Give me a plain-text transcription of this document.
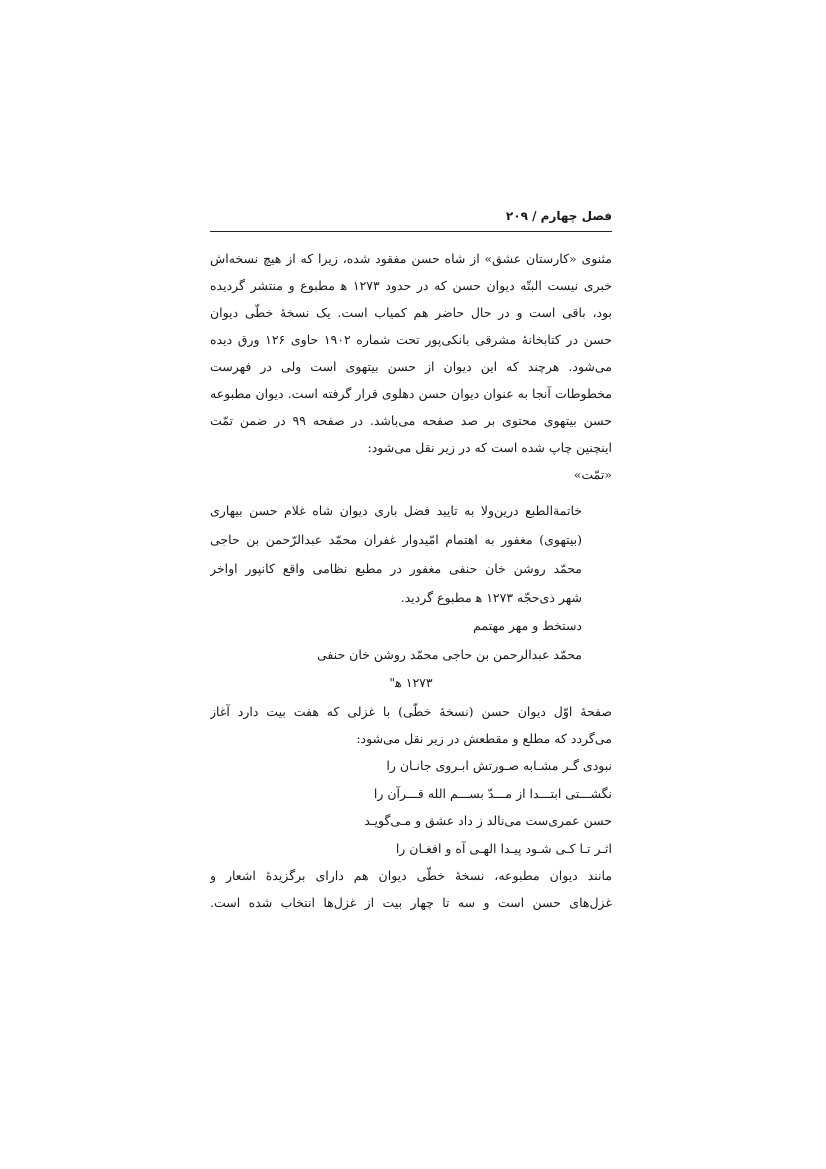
فصل چهارم / ۲۰۹
مثنوی «کارستان عشق» از شاه حسن مفقود شده، زیرا که از هیچ نسخه‌اش
خبری نیست البتّه دیوان حسن که در حدود ۱۲۷۳ ﻫ مطبوع و منتشر گردیده
بود، باقی است و در حال حاضر هم کمیاب است. یک نسخهٔ خطّی دیوان
حسن در کتابخانهٔ مشرقی بانکی‌پور تحت شماره ۱۹۰۲ حاوی ۱۲۶ ورق دیده
می‌شود. هرچند که این دیوان از حسن بیتهوی است ولی در فهرست
مخطوطات آنجا به عنوان دیوان حسن دهلوی قرار گرفته است. دیوان مطبوعه
حسن بیتهوی محتوی بر صد صفحه می‌باشد. در صفحه ۹۹ در ضمن تمّت
اینچنین چاپ شده است که در زیر نقل می‌شود:
«تمّت»
خاتمةالطبع درین‌ولا به تایید فضل باری دیوان شاه غلام حسن بیهاری
(بیتهوی) مغفور به اهتمام امّیدوار غفران محمّد عبدالرّحمن بن حاجی
محمّد روشن خان حنفی مغفور در مطبع نظامی واقع کانپور اواخر
شهر ذی‌حجّه ۱۲۷۳ ﻫ مطبوع گردید.
دستخط و مهر مهتمم
محمّد عبدالرحمن بن حاجی محمّد روشن خان حنفی
۱۲۷۳ ﻫ"
صفحهٔ اوّل دیوان حسن (نسخهٔ خطّی) با غزلی که هفت بیت دارد آغاز
می‌گردد که مطلع و مقطعش در زیر نقل می‌شود:
نبودی گـر مشـابه صـورتش ابـروی جانـان را
نگشـــتی ابتـــدا از مـــدّ بســـم الله قـــرآن را
حسن عمری‌ست می‌نالد ز داد عشق و مـی‌گویـد
اثـر تـا کـی شـود پیـدا الهـی آه و افغـان را
مانند دیوان مطبوعه، نسخهٔ خطّی دیوان هم دارای برگزیدهٔ اشعار و
غزل‌های حسن است و سه تا چهار بیت از غزل‌ها انتخاب شده است.
